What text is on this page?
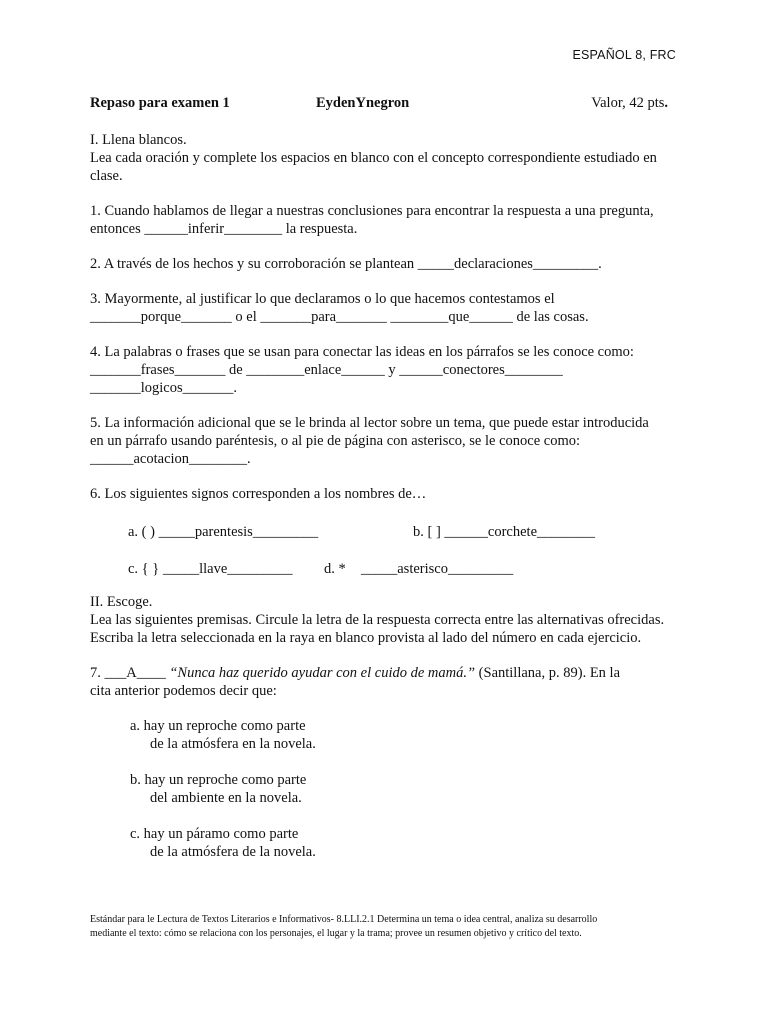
ESPAÑOL 8, FRC
Repaso para examen 1	EydenYnegron	Valor, 42 pts.

I. Llena blancos.

Lea cada oración y complete los espacios en blanco con el concepto correspondiente estudiado en clase.

1. Cuando hablamos de llegar a nuestras conclusiones para encontrar la respuesta a una pregunta,

entonces ______inferir________ la respuesta.

2. A través de los hechos y su corroboración se plantean _____declaraciones_________.

3. Mayormente, al justificar lo que declaramos o lo que hacemos contestamos el

_______porque_______ o el _______para_______ ________que______ de las cosas.

4. La palabras o frases que se usan para conectar las ideas en los párrafos se les conoce como:

_______frases_______ de ________enlace______ y ______conectores________

_______logicos_______.

5. La información adicional que se le brinda al lector sobre un tema, que puede estar introducida

en un párrafo usando paréntesis, o al pie de página con asterisco, se le conoce como:

______acotacion________.

6. Los siguientes signos corresponden a los nombres de…

a. ( ) _____parentesis_________	b. [ ] ______corchete________
c. { } _____llave_________ d. * _____asterisco_________

II. Escoge.

Lea las siguientes premisas. Circule la letra de la respuesta correcta entre las alternativas ofrecidas. Escriba la letra seleccionada en la raya en blanco provista al lado del número en cada ejercicio.

7. ___A____ “Nunca haz querido ayudar con el cuido de mamá.” (Santillana, p. 89). En la

cita anterior podemos decir que:

a. hay un reproche como parte
de la atmósfera en la novela.
b. hay un reproche como parte
del ambiente en la novela.
c. hay un páramo como parte
de la atmósfera de la novela.
Estándar para le Lectura de Textos Literarios e Informativos- 8.LLI.2.1 Determina un tema o idea central, analiza su desarrollo
mediante el texto: cómo se relaciona con los personajes, el lugar y la trama; provee un resumen objetivo y crítico del texto.
